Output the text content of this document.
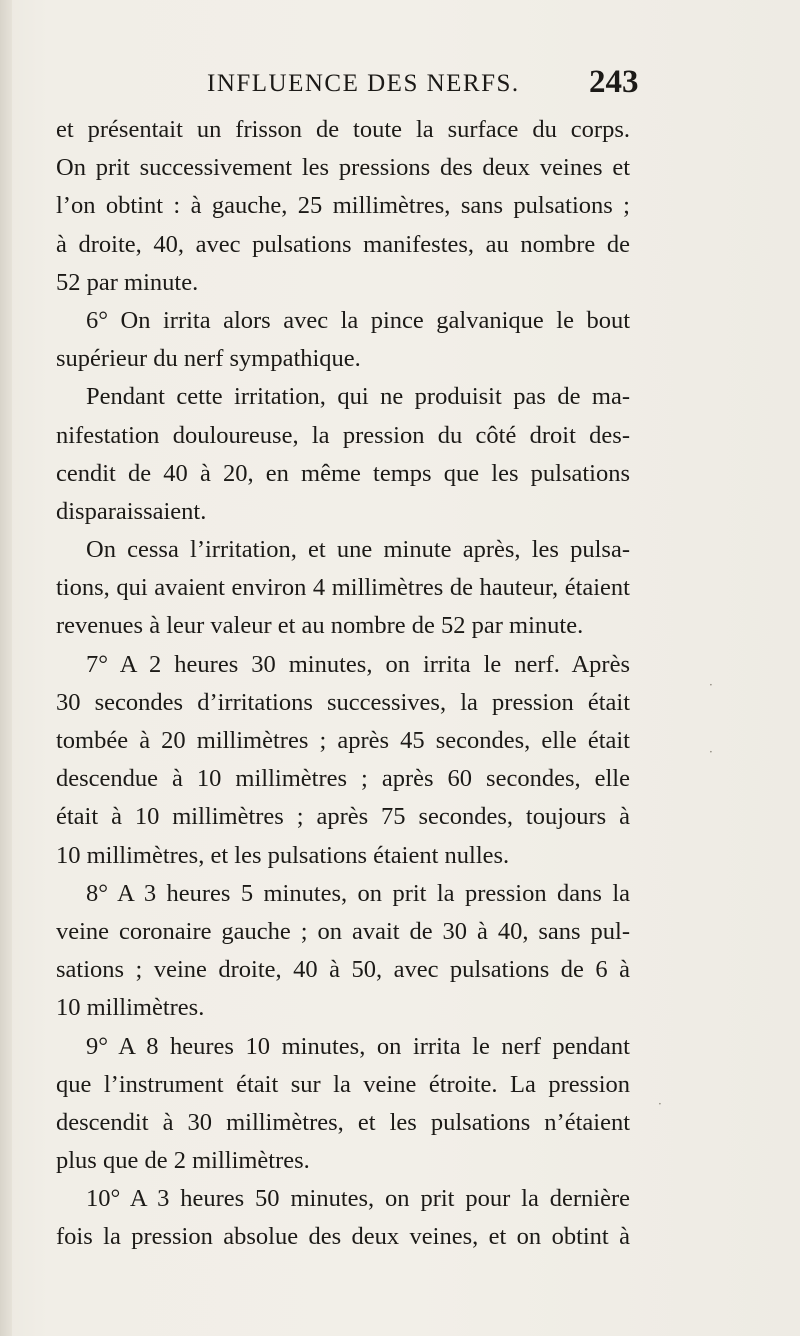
INFLUENCE DES NERFS. 243
et présentait un frisson de toute la surface du corps.
On prit successivement les pressions des deux veines et
l’on obtint : à gauche, 25 millimètres, sans pulsations ;
à droite, 40, avec pulsations manifestes, au nombre de
52 par minute.
6° On irrita alors avec la pince galvanique le bout
supérieur du nerf sympathique.
Pendant cette irritation, qui ne produisit pas de ma-
nifestation douloureuse, la pression du côté droit des-
cendit de 40 à 20, en même temps que les pulsations
disparaissaient.
On cessa l’irritation, et une minute après, les pulsa-
tions, qui avaient environ 4 millimètres de hauteur, étaient
revenues à leur valeur et au nombre de 52 par minute.
7° A 2 heures 30 minutes, on irrita le nerf. Après
30 secondes d’irritations successives, la pression était
tombée à 20 millimètres ; après 45 secondes, elle était
descendue à 10 millimètres ; après 60 secondes, elle
était à 10 millimètres ; après 75 secondes, toujours à
10 millimètres, et les pulsations étaient nulles.
8° A 3 heures 5 minutes, on prit la pression dans la
veine coronaire gauche ; on avait de 30 à 40, sans pul-
sations ; veine droite, 40 à 50, avec pulsations de 6 à
10 millimètres.
9° A 8 heures 10 minutes, on irrita le nerf pendant
que l’instrument était sur la veine étroite. La pression
descendit à 30 millimètres, et les pulsations n’étaient
plus que de 2 millimètres.
10° A 3 heures 50 minutes, on prit pour la dernière
fois la pression absolue des deux veines, et on obtint à
·
·
·
